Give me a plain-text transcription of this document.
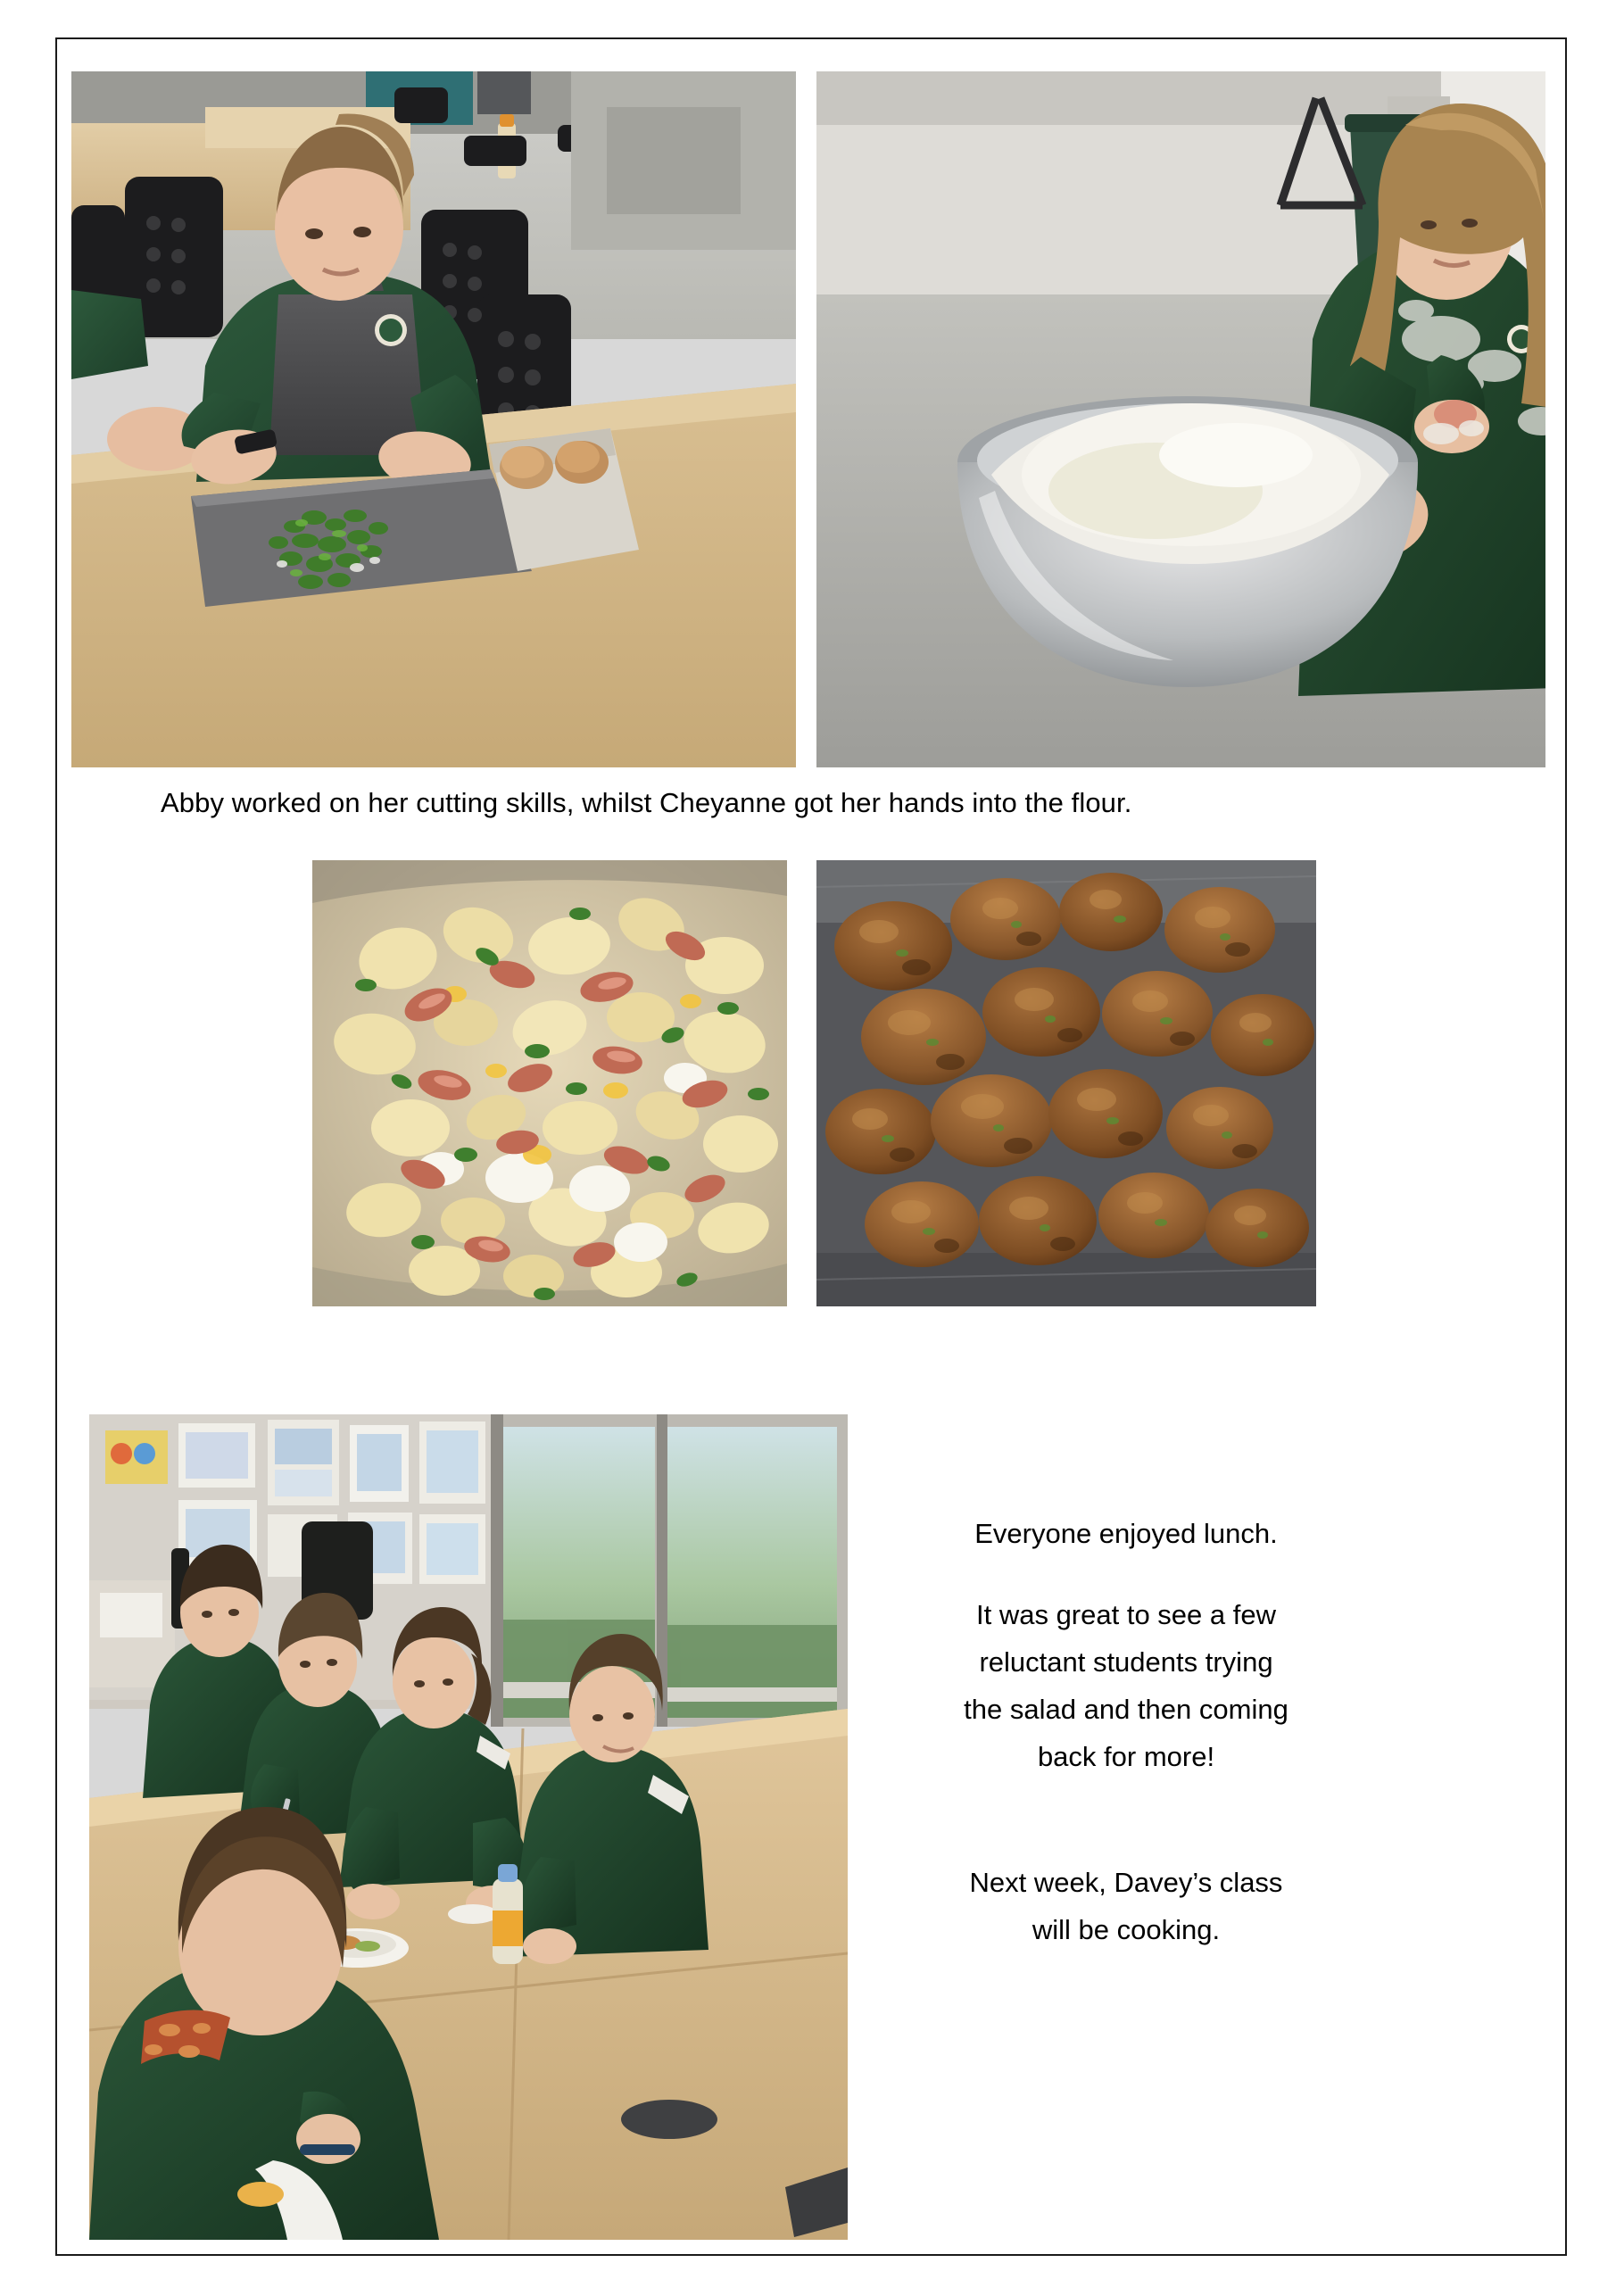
Abby worked on her cutting skills, whilst Cheyanne got her hands into the flour.

Everyone enjoyed lunch.

It was great to see a few

reluctant students trying

the salad and then coming

back for more!

Next week, Davey’s class

will be cooking.
